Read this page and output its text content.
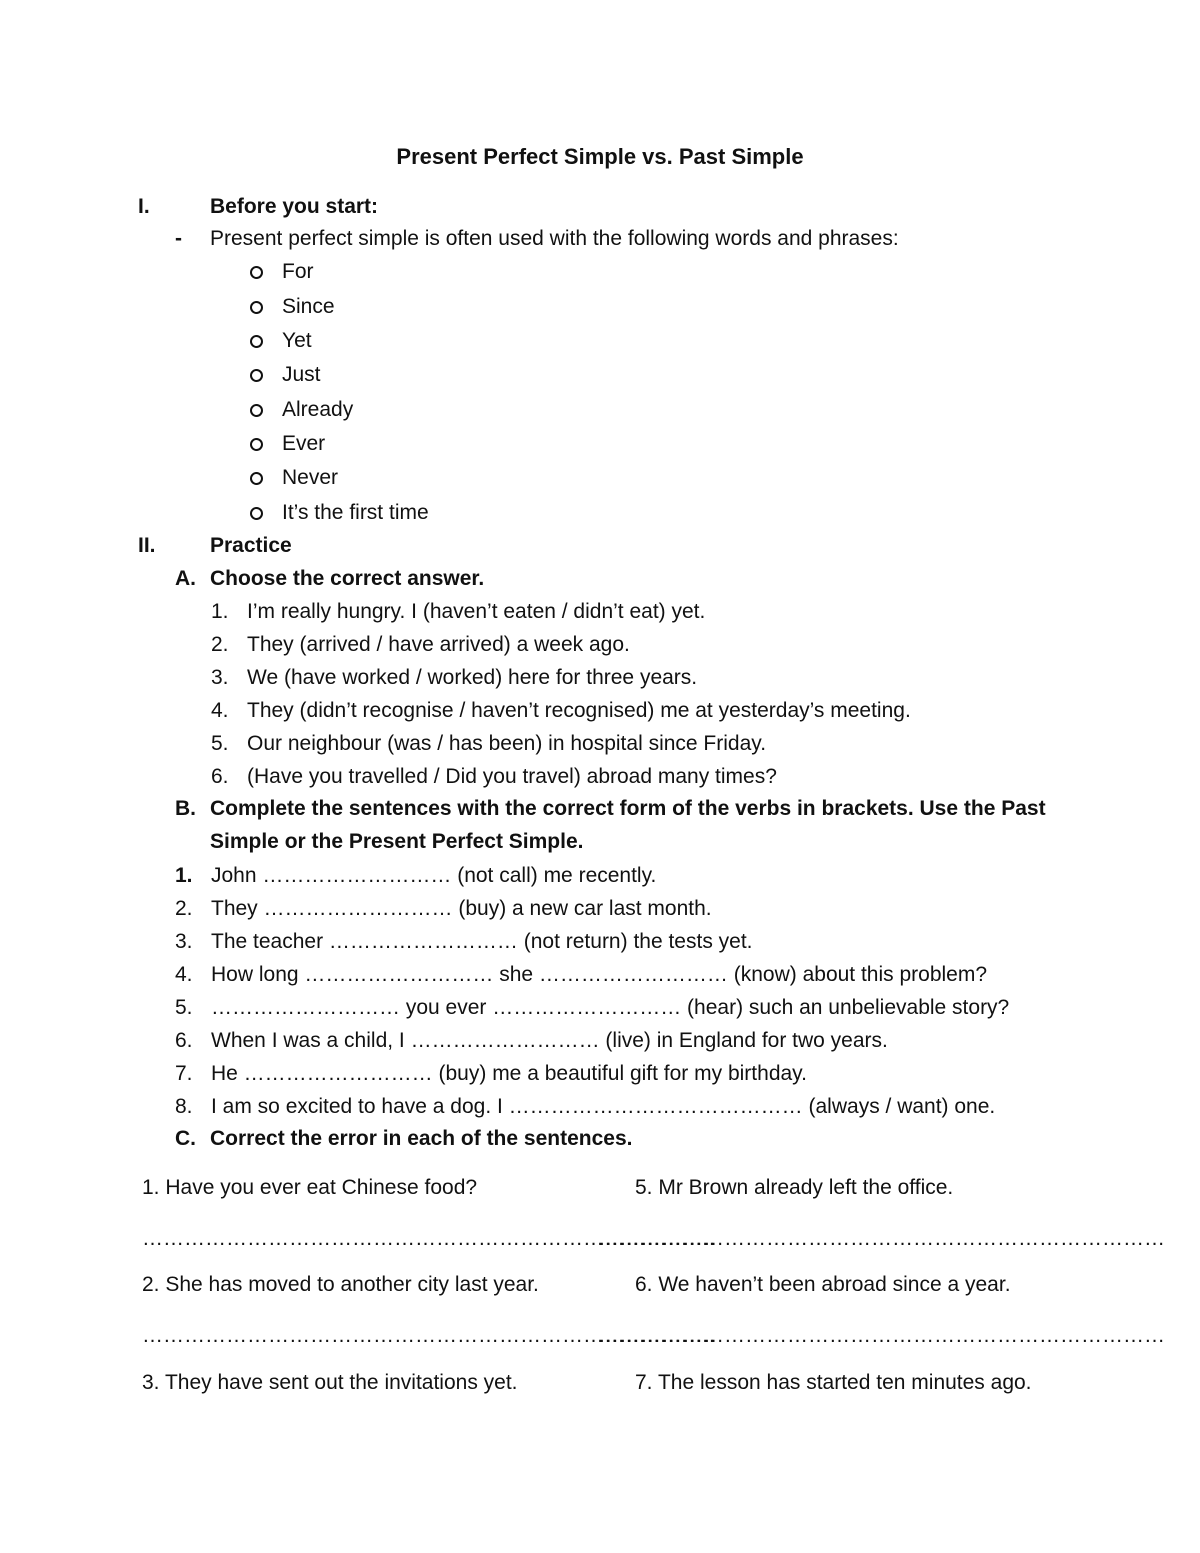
Present Perfect Simple vs. Past Simple
I.	Before you start:
- Present perfect simple is often used with the following words and phrases:
For
Since
Yet
Just
Already
Ever
Never
It’s the first time
II.	Practice
A. Choose the correct answer.
1. I’m really hungry. I (haven’t eaten / didn’t eat) yet.
2. They (arrived / have arrived) a week ago.
3. We (have worked / worked) here for three years.
4. They (didn’t recognise / haven’t recognised) me at yesterday’s meeting.
5. Our neighbour (was / has been) in hospital since Friday.
6. (Have you travelled / Did you travel) abroad many times?
B. Complete the sentences with the correct form of the verbs in brackets. Use the Past
Simple or the Present Perfect Simple.
1. John ……………………… (not call) me recently.
2. They ……………………… (buy) a new car last month.
3. The teacher ……………………… (not return) the tests yet.
4. How long ……………………… she ……………………… (know) about this problem?
5. ……………………… you ever ……………………… (hear) such an unbelievable story?
6. When I was a child, I ……………………… (live) in England for two years.
7. He ……………………… (buy) me a beautiful gift for my birthday.
8. I am so excited to have a dog. I …………………………………… (always / want) one.
C. Correct the error in each of the sentences.
1. Have you ever eat Chinese food?	5. Mr Brown already left the office.
……………………………………………………………………….
………………………………………………………………………
2. She has moved to another city last year.	6. We haven’t been abroad since a year.
……………………………………………………………………….
………………………………………………………………………
3. They have sent out the invitations yet.	7. The lesson has started ten minutes ago.
